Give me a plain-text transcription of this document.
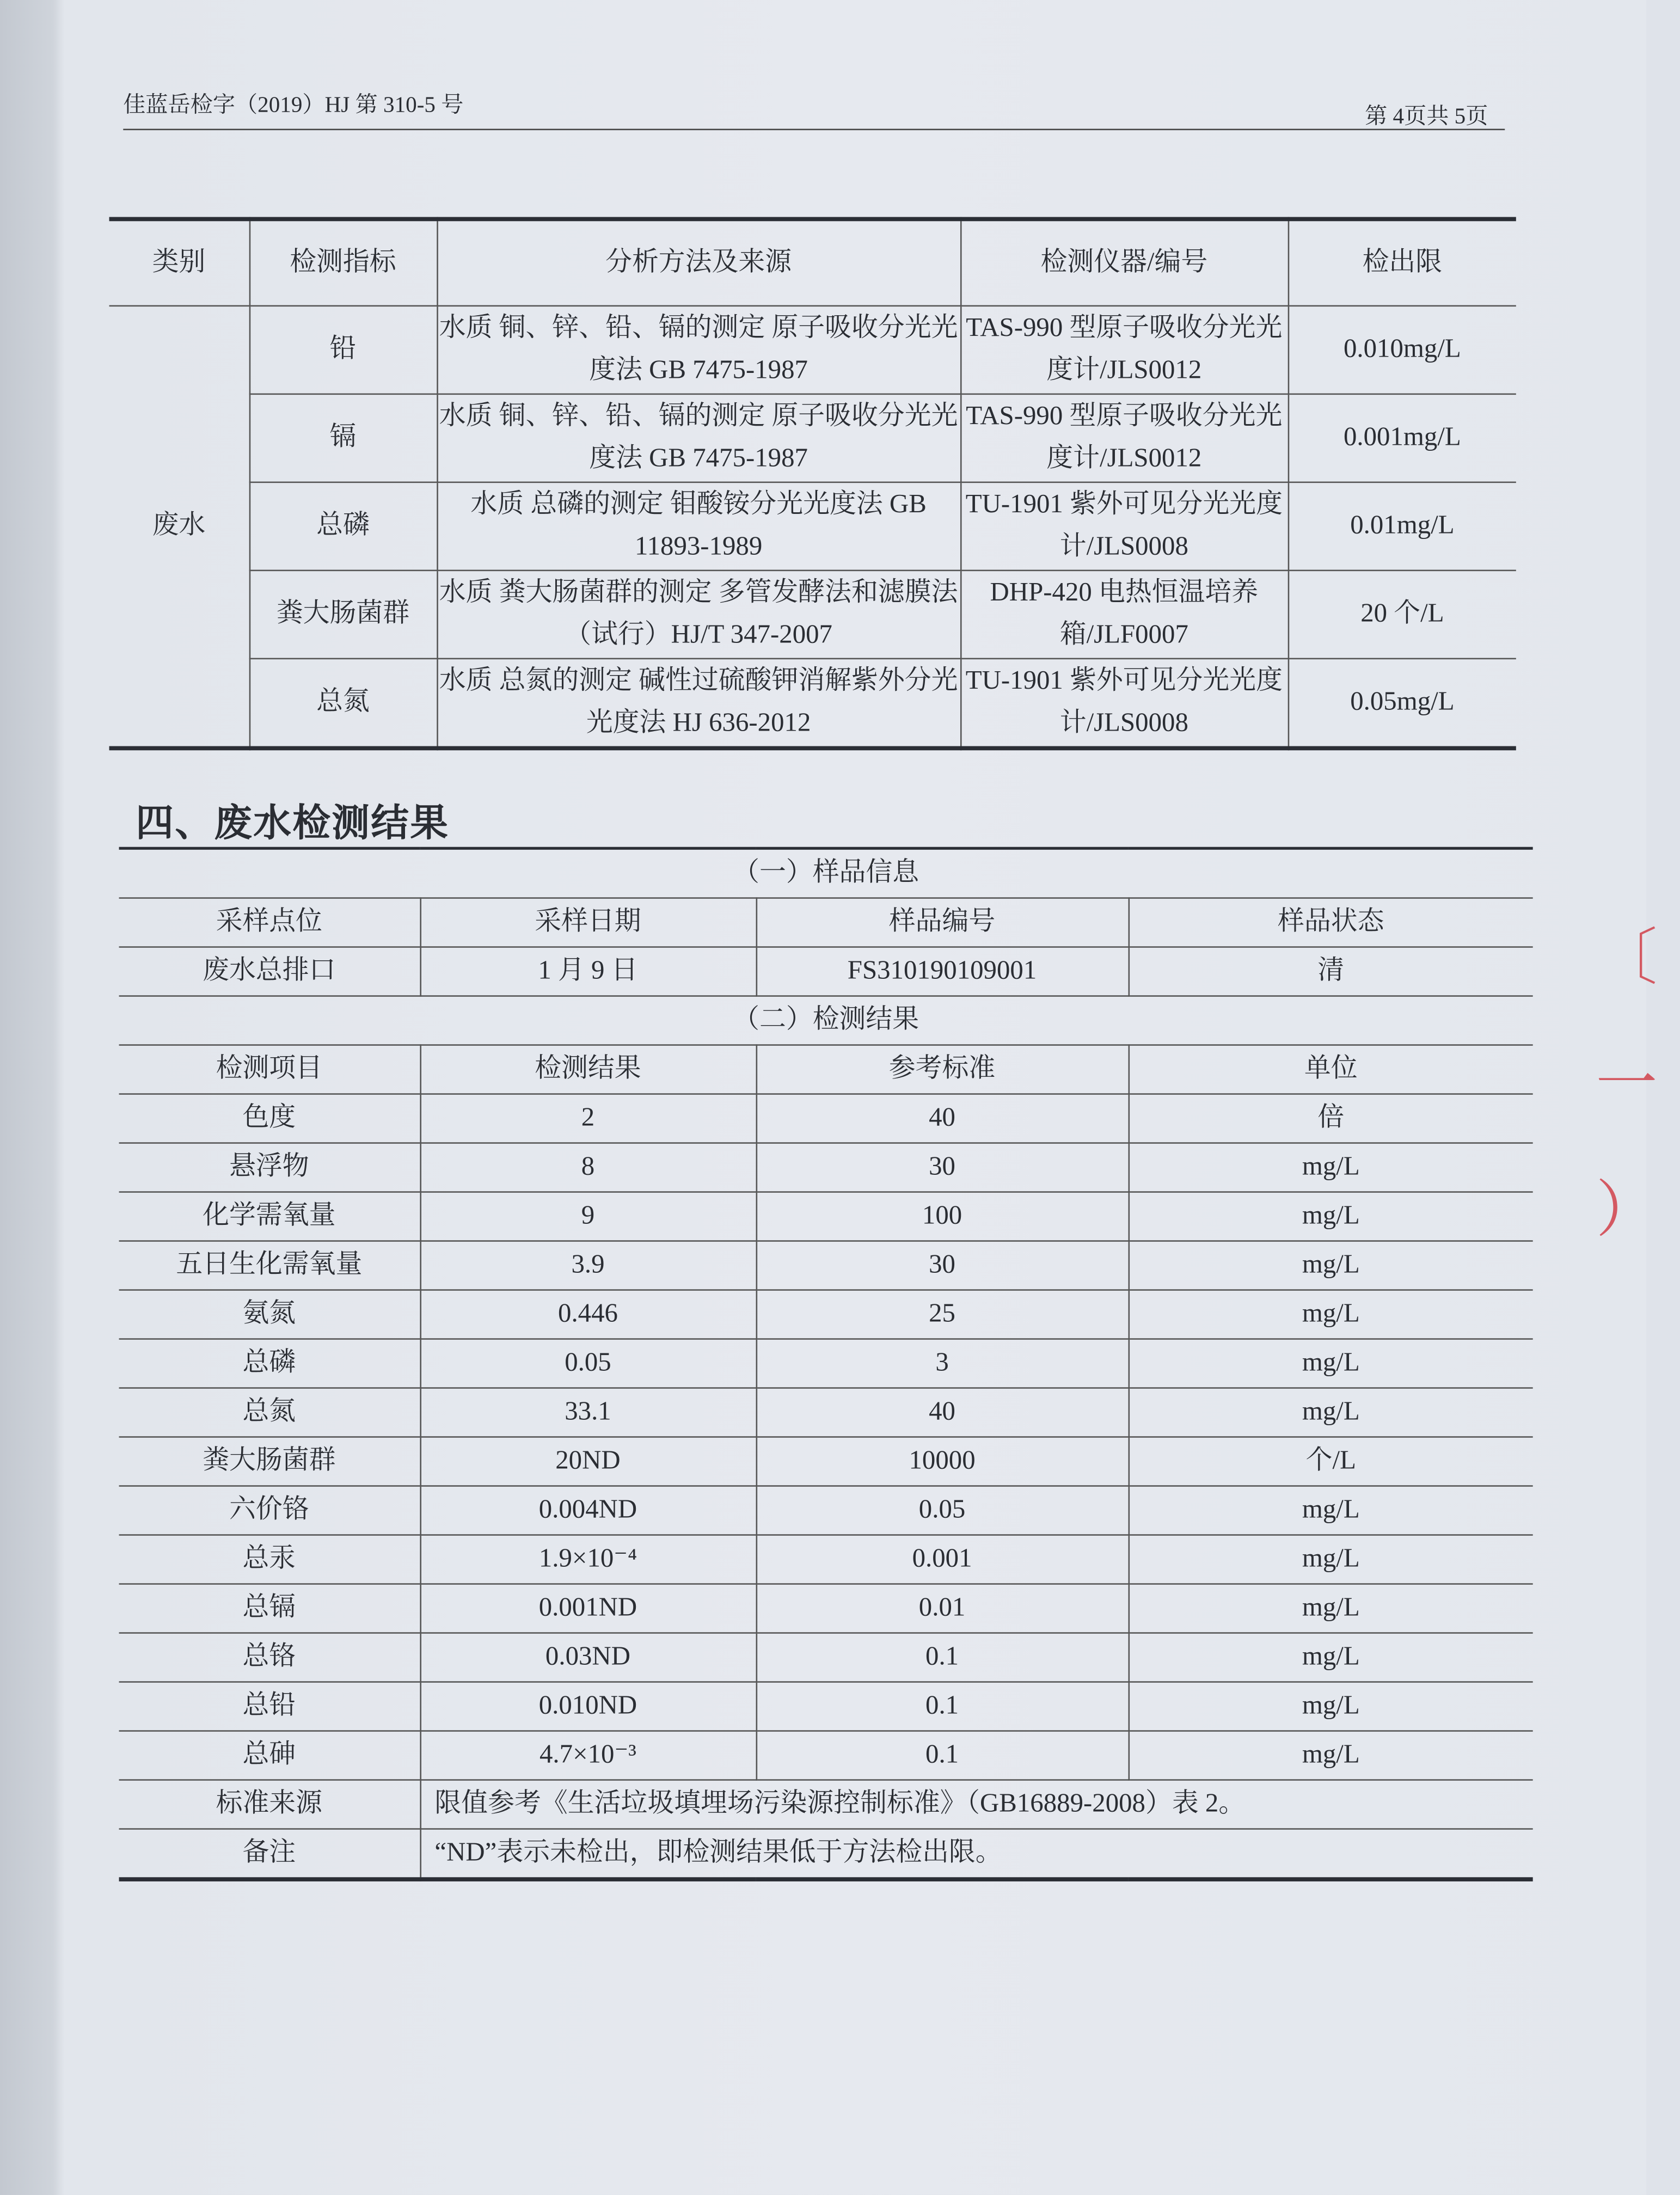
佳蓝岳检字（2019）HJ 第 310-5 号	第 4页共 5页
类别	检测指标	分析方法及来源	检测仪器/编号	检出限
废水	铅	水质 铜、锌、铅、镉的测定 原子吸收分光光度法 GB 7475-1987	TAS-990 型原子吸收分光光度计/JLS0012	0.010mg/L
	镉	水质 铜、锌、铅、镉的测定 原子吸收分光光度法 GB 7475-1987	TAS-990 型原子吸收分光光度计/JLS0012	0.001mg/L
	总磷	水质 总磷的测定 钼酸铵分光光度法 GB 11893-1989	TU-1901 紫外可见分光光度计/JLS0008	0.01mg/L
	粪大肠菌群	水质 粪大肠菌群的测定 多管发酵法和滤膜法（试行）HJ/T 347-2007	DHP-420 电热恒温培养箱/JLF0007	20 个/L
	总氮	水质 总氮的测定 碱性过硫酸钾消解紫外分光光度法 HJ 636-2012	TU-1901 紫外可见分光光度计/JLS0008	0.05mg/L
四、废水检测结果
（一）样品信息			
采样点位	采样日期	样品编号	样品状态
废水总排口	1 月 9 日	FS310190109001	清
（二）检测结果			
检测项目	检测结果	参考标准	单位
色度	2	40	倍
悬浮物	8	30	mg/L
化学需氧量	9	100	mg/L
五日生化需氧量	3.9	30	mg/L
氨氮	0.446	25	mg/L
总磷	0.05	3	mg/L
总氮	33.1	40	mg/L
粪大肠菌群	20ND	10000	个/L
六价铬	0.004ND	0.05	mg/L
总汞	1.9×10⁻⁴	0.001	mg/L
总镉	0.001ND	0.01	mg/L
总铬	0.03ND	0.1	mg/L
总铅	0.010ND	0.1	mg/L
总砷	4.7×10⁻³	0.1	mg/L
标准来源	限值参考《生活垃圾填埋场污染源控制标准》（GB16889-2008）表 2。		
备注	“ND”表示未检出，即检测结果低于方法检出限。		
〔
一
）
